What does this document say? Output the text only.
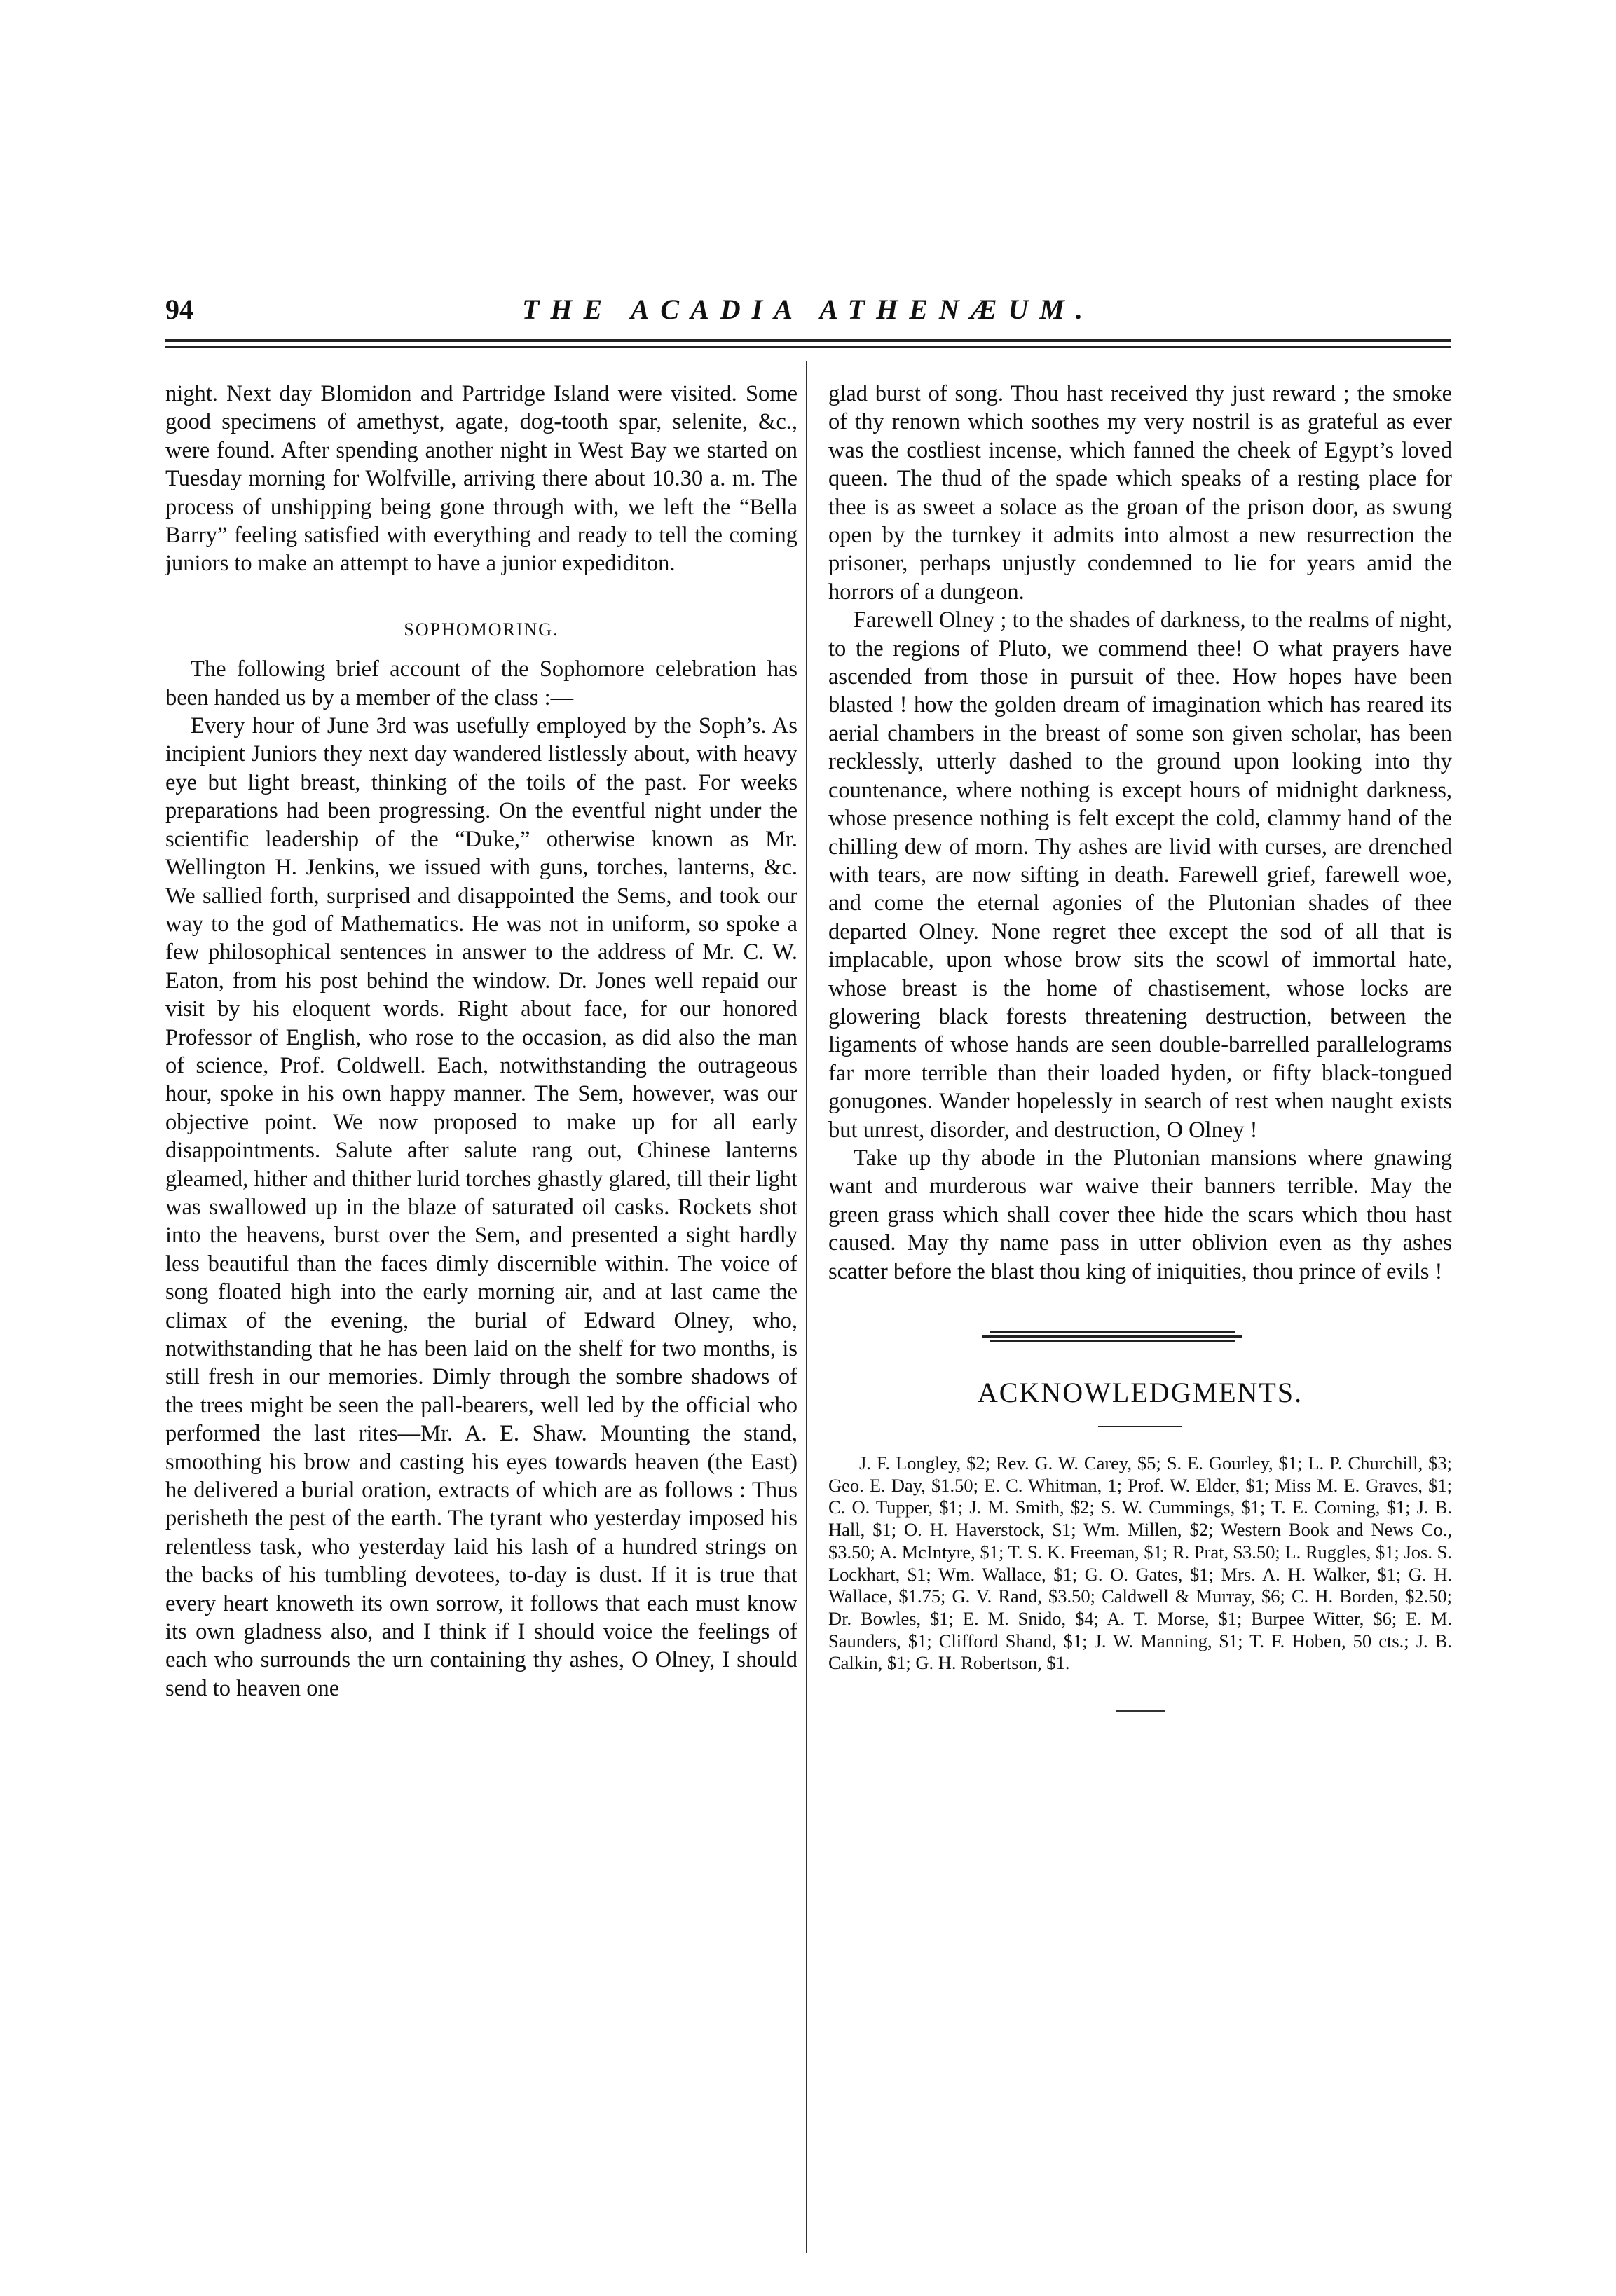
94	THE ACADIA ATHENÆUM.

night. Next day Blomidon and Partridge Island were visited. Some good specimens of amethyst, agate, dog-tooth spar, selenite, &c., were found. After spending another night in West Bay we started on Tuesday morning for Wolfville, arriving there about 10.30 a. m. The process of unshipping being gone through with, we left the “Bella Barry” feeling satisfied with everything and ready to tell the coming juniors to make an attempt to have a junior expediditon.

SOPHOMORING.

The following brief account of the Sophomore celebration has been handed us by a member of the class :—

Every hour of June 3rd was usefully employed by the Soph’s. As incipient Juniors they next day wandered listlessly about, with heavy eye but light breast, thinking of the toils of the past. For weeks preparations had been progressing. On the eventful night under the scientific leadership of the “Duke,” otherwise known as Mr. Wellington H. Jenkins, we issued with guns, torches, lanterns, &c. We sallied forth, surprised and disappointed the Sems, and took our way to the god of Mathematics. He was not in uniform, so spoke a few philosophical sentences in answer to the address of Mr. C. W. Eaton, from his post behind the window. Dr. Jones well repaid our visit by his eloquent words. Right about face, for our honored Professor of English, who rose to the occasion, as did also the man of science, Prof. Coldwell. Each, notwithstanding the outrageous hour, spoke in his own happy manner. The Sem, however, was our objective point. We now proposed to make up for all early disappointments. Salute after salute rang out, Chinese lanterns gleamed, hither and thither lurid torches ghastly glared, till their light was swallowed up in the blaze of saturated oil casks. Rockets shot into the heavens, burst over the Sem, and presented a sight hardly less beautiful than the faces dimly discernible within. The voice of song floated high into the early morning air, and at last came the climax of the evening, the burial of Edward Olney, who, notwithstanding that he has been laid on the shelf for two months, is still fresh in our memories. Dimly through the sombre shadows of the trees might be seen the pall-bearers, well led by the official who performed the last rites—Mr. A. E. Shaw. Mounting the stand, smoothing his brow and casting his eyes towards heaven (the East) he delivered a burial oration, extracts of which are as follows : Thus perisheth the pest of the earth. The tyrant who yesterday imposed his relentless task, who yesterday laid his lash of a hundred strings on the backs of his tumbling devotees, to-day is dust. If it is true that every heart knoweth its own sorrow, it follows that each must know its own gladness also, and I think if I should voice the feelings of each who surrounds the urn containing thy ashes, O Olney, I should send to heaven one

glad burst of song. Thou hast received thy just reward ; the smoke of thy renown which soothes my very nostril is as grateful as ever was the costliest incense, which fanned the cheek of Egypt’s loved queen. The thud of the spade which speaks of a resting place for thee is as sweet a solace as the groan of the prison door, as swung open by the turnkey it admits into almost a new resurrection the prisoner, perhaps unjustly condemned to lie for years amid the horrors of a dungeon.

Farewell Olney ; to the shades of darkness, to the realms of night, to the regions of Pluto, we commend thee! O what prayers have ascended from those in pursuit of thee. How hopes have been blasted ! how the golden dream of imagination which has reared its aerial chambers in the breast of some son given scholar, has been recklessly, utterly dashed to the ground upon looking into thy countenance, where nothing is except hours of midnight darkness, whose presence nothing is felt except the cold, clammy hand of the chilling dew of morn. Thy ashes are livid with curses, are drenched with tears, are now sifting in death. Farewell grief, farewell woe, and come the eternal agonies of the Plutonian shades of thee departed Olney. None regret thee except the sod of all that is implacable, upon whose brow sits the scowl of immortal hate, whose breast is the home of chastisement, whose locks are glowering black forests threatening destruction, between the ligaments of whose hands are seen double-barrelled parallelograms far more terrible than their loaded hyden, or fifty black-tongued gonugones. Wander hopelessly in search of rest when naught exists but unrest, disorder, and destruction, O Olney !

Take up thy abode in the Plutonian mansions where gnawing want and murderous war waive their banners terrible. May the green grass which shall cover thee hide the scars which thou hast caused. May thy name pass in utter oblivion even as thy ashes scatter before the blast thou king of iniquities, thou prince of evils !

ACKNOWLEDGMENTS.

J. F. Longley, $2; Rev. G. W. Carey, $5; S. E. Gourley, $1; L. P. Churchill, $3; Geo. E. Day, $1.50; E. C. Whitman, 1; Prof. W. Elder, $1; Miss M. E. Graves, $1; C. O. Tupper, $1; J. M. Smith, $2; S. W. Cummings, $1; T. E. Corning, $1; J. B. Hall, $1; O. H. Haverstock, $1; Wm. Millen, $2; Western Book and News Co., $3.50; A. McIntyre, $1; T. S. K. Freeman, $1; R. Prat, $3.50; L. Ruggles, $1; Jos. S. Lockhart, $1; Wm. Wallace, $1; G. O. Gates, $1; Mrs. A. H. Walker, $1; G. H. Wallace, $1.75; G. V. Rand, $3.50; Caldwell & Murray, $6; C. H. Borden, $2.50; Dr. Bowles, $1; E. M. Snido, $4; A. T. Morse, $1; Burpee Witter, $6; E. M. Saunders, $1; Clifford Shand, $1; J. W. Manning, $1; T. F. Hoben, 50 cts.; J. B. Calkin, $1; G. H. Robertson, $1.
